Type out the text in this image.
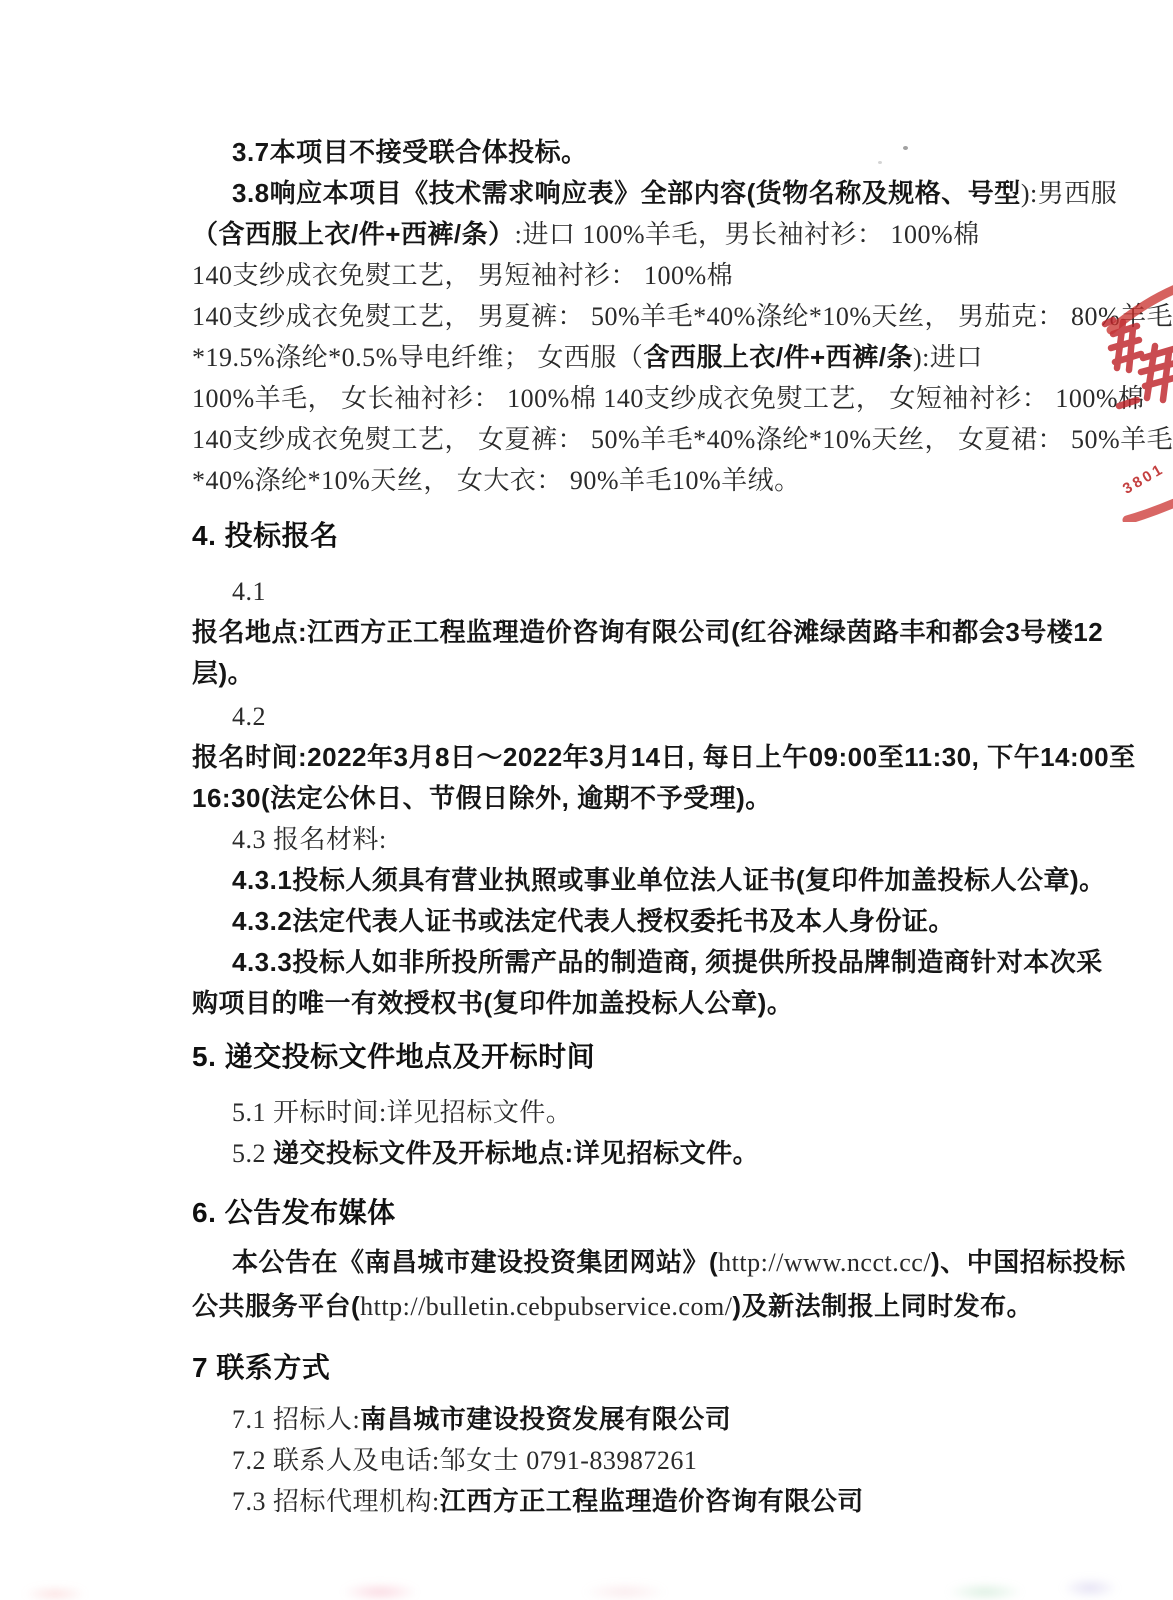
3.7本项目不接受联合体投标。
3.8响应本项目《技术需求响应表》全部内容(货物名称及规格、号型):男西服
（含西服上衣/件+西裤/条）:进口 100%羊毛，男长袖衬衫： 100%棉
140支纱成衣免熨工艺， 男短袖衬衫： 100%棉
140支纱成衣免熨工艺， 男夏裤： 50%羊毛*40%涤纶*10%天丝， 男茄克： 80%羊毛
*19.5%涤纶*0.5%导电纤维； 女西服（含西服上衣/件+西裤/条):进口
100%羊毛， 女长袖衬衫： 100%棉 140支纱成衣免熨工艺， 女短袖衬衫： 100%棉
140支纱成衣免熨工艺， 女夏裤： 50%羊毛*40%涤纶*10%天丝， 女夏裙： 50%羊毛
*40%涤纶*10%天丝， 女大衣： 90%羊毛10%羊绒。
4. 投标报名
4.1
报名地点:江西方正工程监理造价咨询有限公司(红谷滩绿茵路丰和都会3号楼12
层)。
4.2
报名时间:2022年3月8日～2022年3月14日, 每日上午09:00至11:30, 下午14:00至
16:30(法定公休日、节假日除外, 逾期不予受理)。
4.3 报名材料:
4.3.1投标人须具有营业执照或事业单位法人证书(复印件加盖投标人公章)。
4.3.2法定代表人证书或法定代表人授权委托书及本人身份证。
4.3.3投标人如非所投所需产品的制造商, 须提供所投品牌制造商针对本次采
购项目的唯一有效授权书(复印件加盖投标人公章)。
5. 递交投标文件地点及开标时间
5.1 开标时间:详见招标文件。
5.2 递交投标文件及开标地点:详见招标文件。
6. 公告发布媒体
本公告在《南昌城市建设投资集团网站》(http://www.ncct.cc/)、中国招标投标
公共服务平台(http://bulletin.cebpubservice.com/)及新法制报上同时发布。
7 联系方式
7.1 招标人:南昌城市建设投资发展有限公司
7.2 联系人及电话:邹女士 0791-83987261
7.3 招标代理机构:江西方正工程监理造价咨询有限公司
3801
